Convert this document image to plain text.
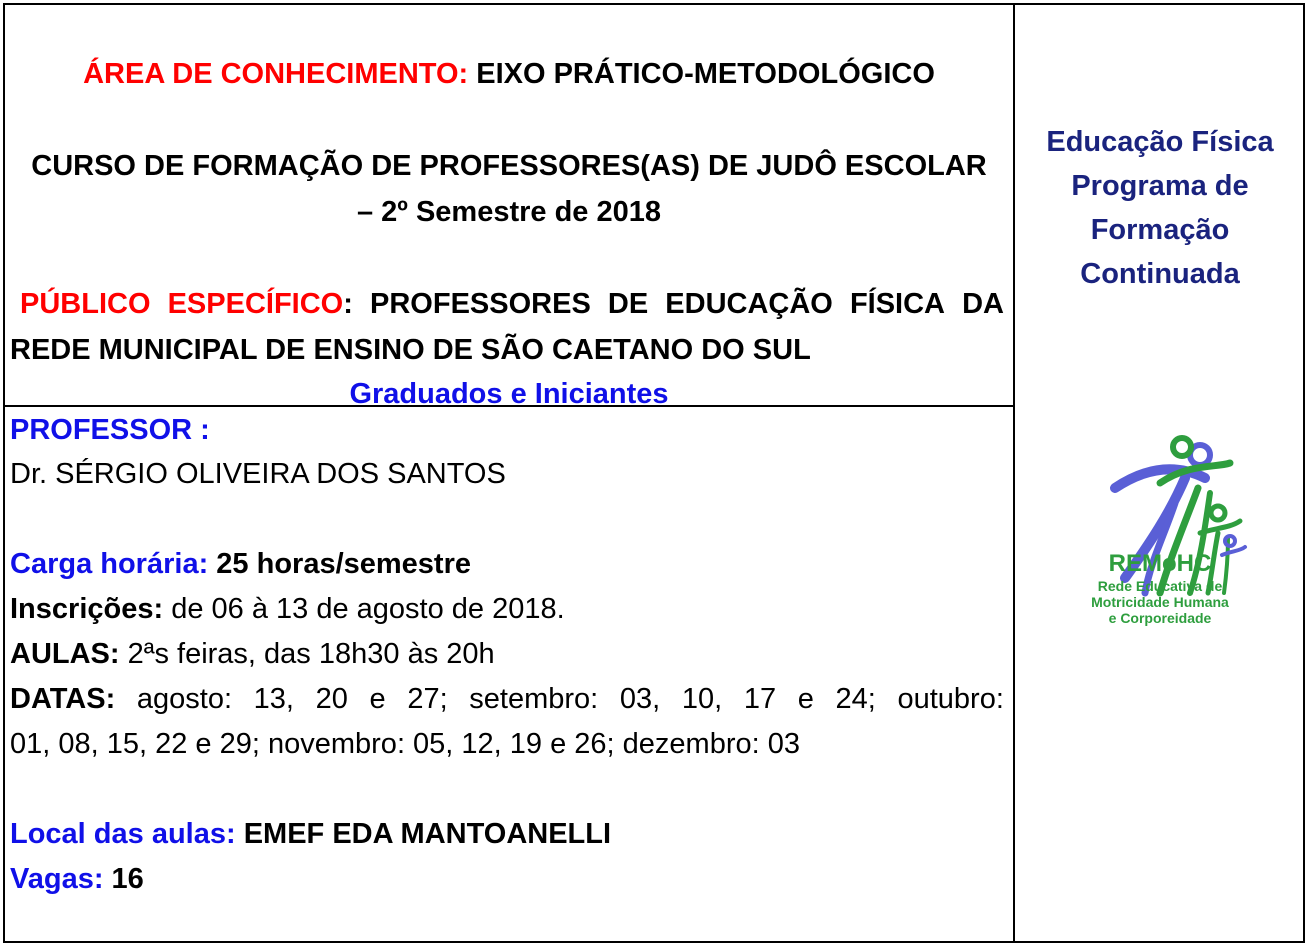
ÁREA DE CONHECIMENTO: EIXO PRÁTICO-METODOLÓGICO
CURSO DE FORMAÇÃO DE PROFESSORES(AS) DE JUDÔ ESCOLAR
– 2º Semestre de 2018
PÚBLICO ESPECÍFICO : PROFESSORES DE EDUCAÇÃO FÍSICA DA
REDE MUNICIPAL DE ENSINO DE SÃO CAETANO DO SUL
Graduados e Iniciantes
PROFESSOR :
Dr. SÉRGIO OLIVEIRA DOS SANTOS
Carga horária: 25 horas/semestre
Inscrições: de 06 à 13 de agosto de 2018.
AULAS: 2ªs feiras, das 18h30 às 20h
DATAS: agosto: 13, 20 e 27; setembro: 03, 10, 17 e 24; outubro:
01, 08, 15, 22 e 29; novembro: 05, 12, 19 e 26; dezembro: 03
Local das aulas: EMEF EDA MANTOANELLI
Vagas: 16
Educação Física
Programa de
Formação
Continuada
REMoHC
Rede Educativa de
Motricidade Humana
e Corporeidade
